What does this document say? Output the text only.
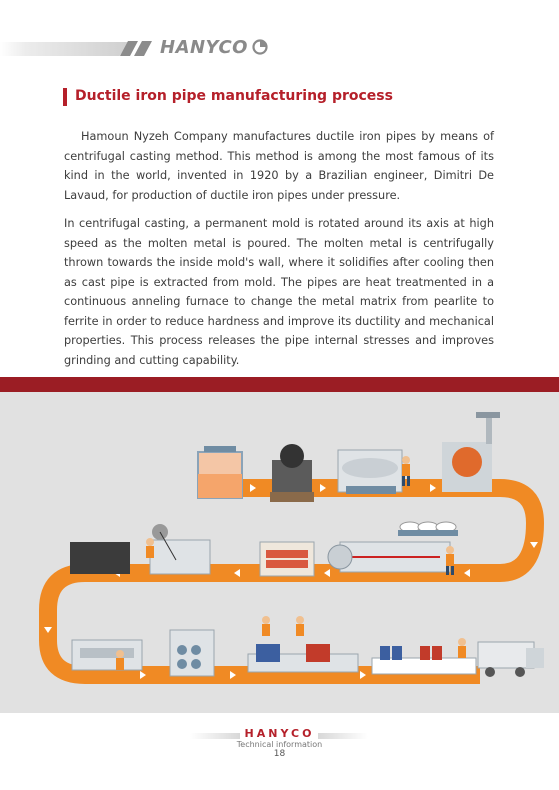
HANYCO
Ductile iron pipe manufacturing process
Hamoun Nyzeh Company manufactures ductile iron pipes by means of centrifugal casting method. This method is among the most famous of its kind in the world, invented in 1920 by a Brazilian engineer, Dimitri De Lavaud, for production of ductile iron pipes under pressure.
In centrifugal casting, a permanent mold is rotated around its axis at high speed as the molten metal is poured. The molten metal is centrifugally thrown towards the inside mold's wall, where it solidifies after cooling then as cast pipe is extracted from mold. The pipes are heat treatmented in a continuous anneling furnace to change the metal matrix from pearlite to ferrite in order to reduce hardness and improve its ductility and mechanical properties. This process releases the pipe internal stresses and improves grinding and cutting capability.
HANYCO
Technical information
18
